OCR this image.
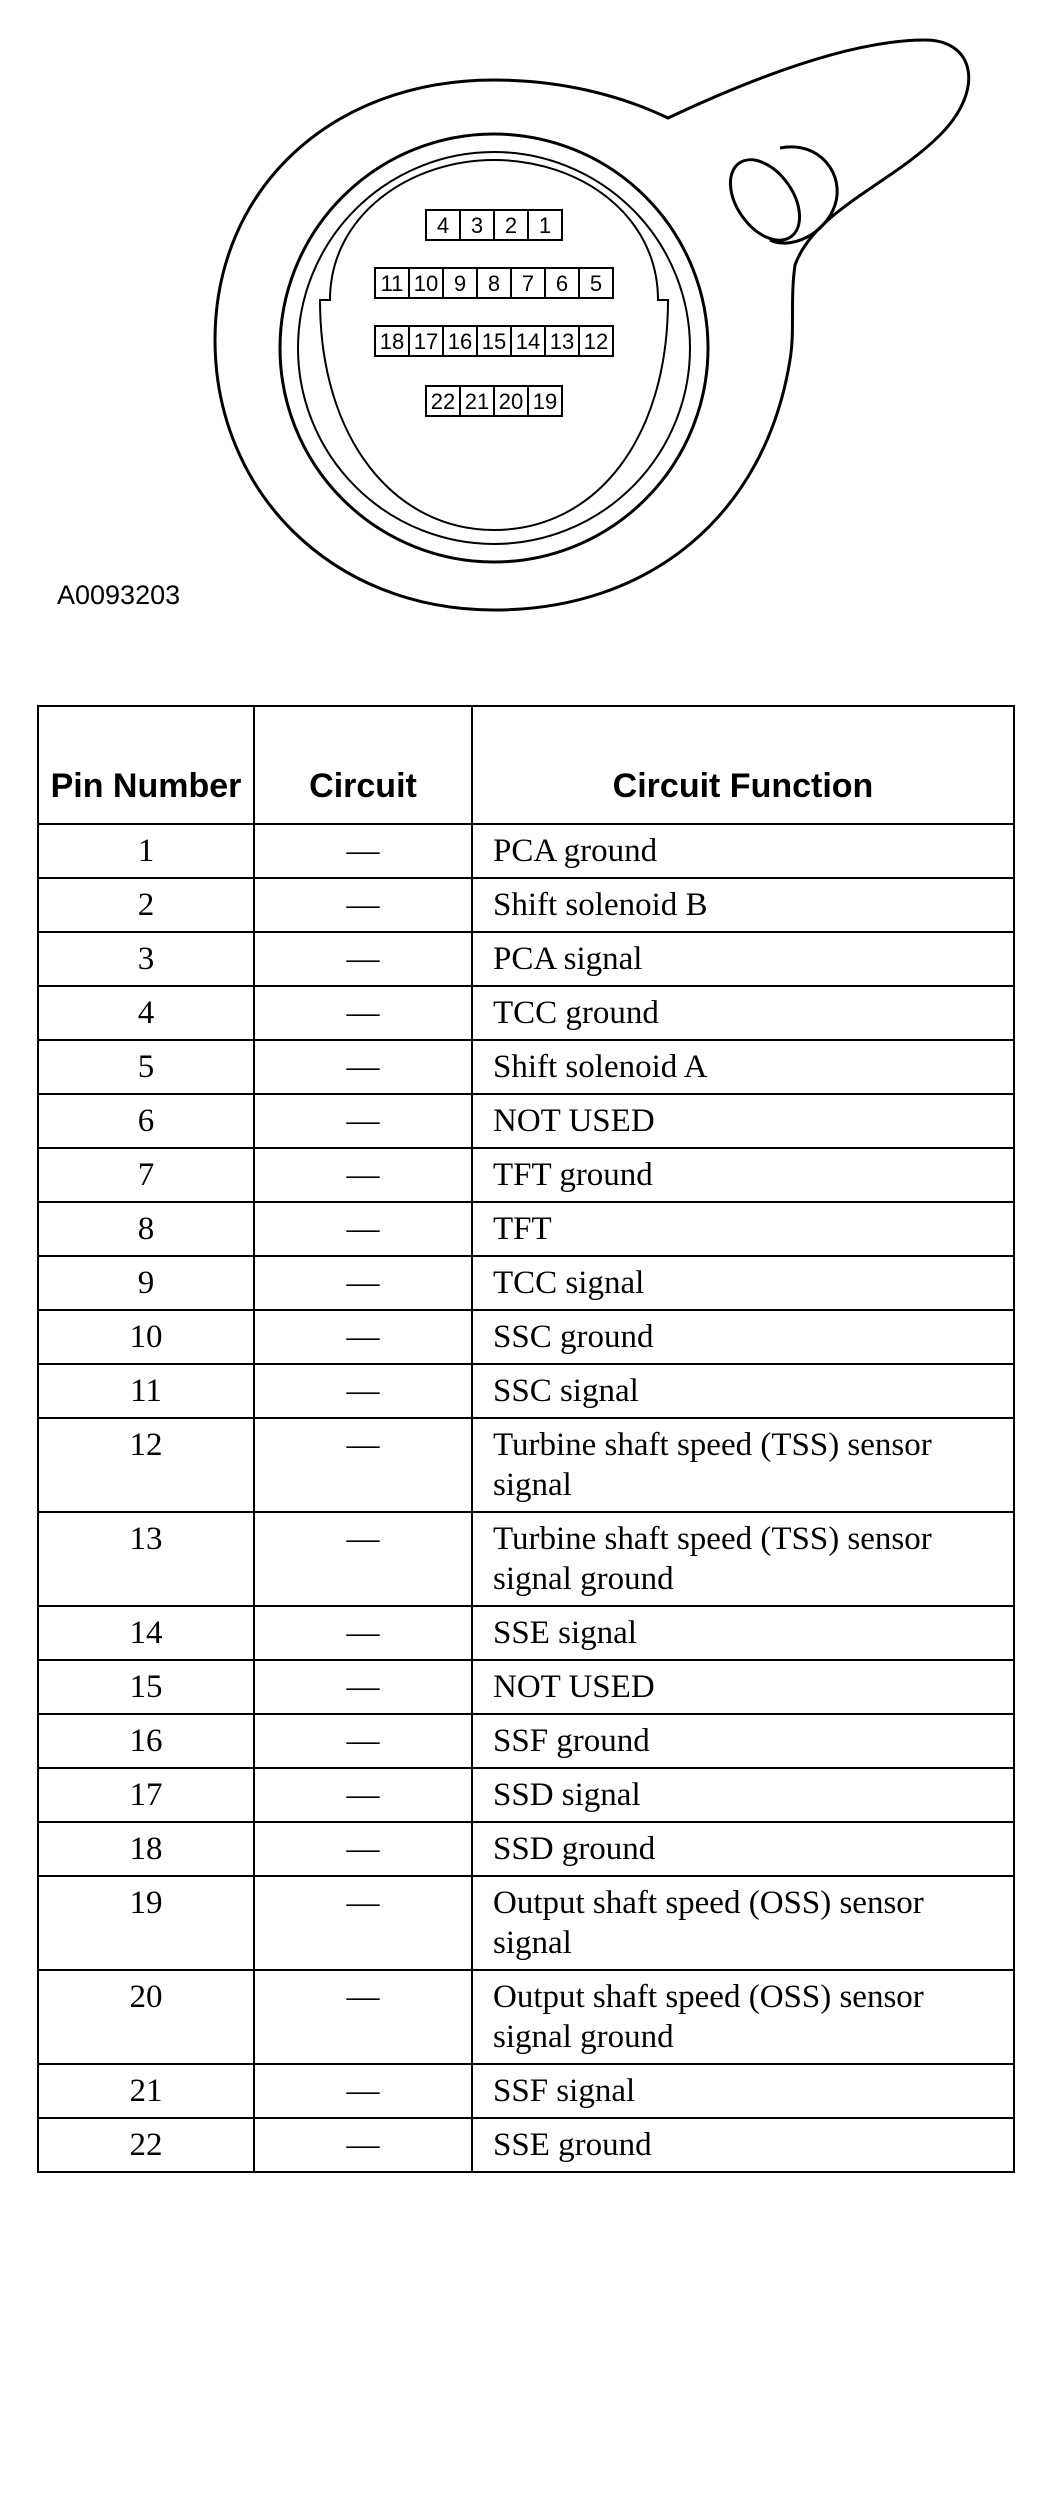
4 3 2 1
11 10 9 8 7 6 5
18 17 16 15 14 13 12
22 21 20 19
A0093203
Pin Number	Circuit	Circuit Function
1	—	PCA ground
2	—	Shift solenoid B
3	—	PCA signal
4	—	TCC ground
5	—	Shift solenoid A
6	—	NOT USED
7	—	TFT ground
8	—	TFT
9	—	TCC signal
10	—	SSC ground
11	—	SSC signal
12	—	Turbine shaft speed (TSS) sensor signal
13	—	Turbine shaft speed (TSS) sensor signal ground
14	—	SSE signal
15	—	NOT USED
16	—	SSF ground
17	—	SSD signal
18	—	SSD ground
19	—	Output shaft speed (OSS) sensor signal
20	—	Output shaft speed (OSS) sensor signal ground
21	—	SSF signal
22	—	SSE ground
